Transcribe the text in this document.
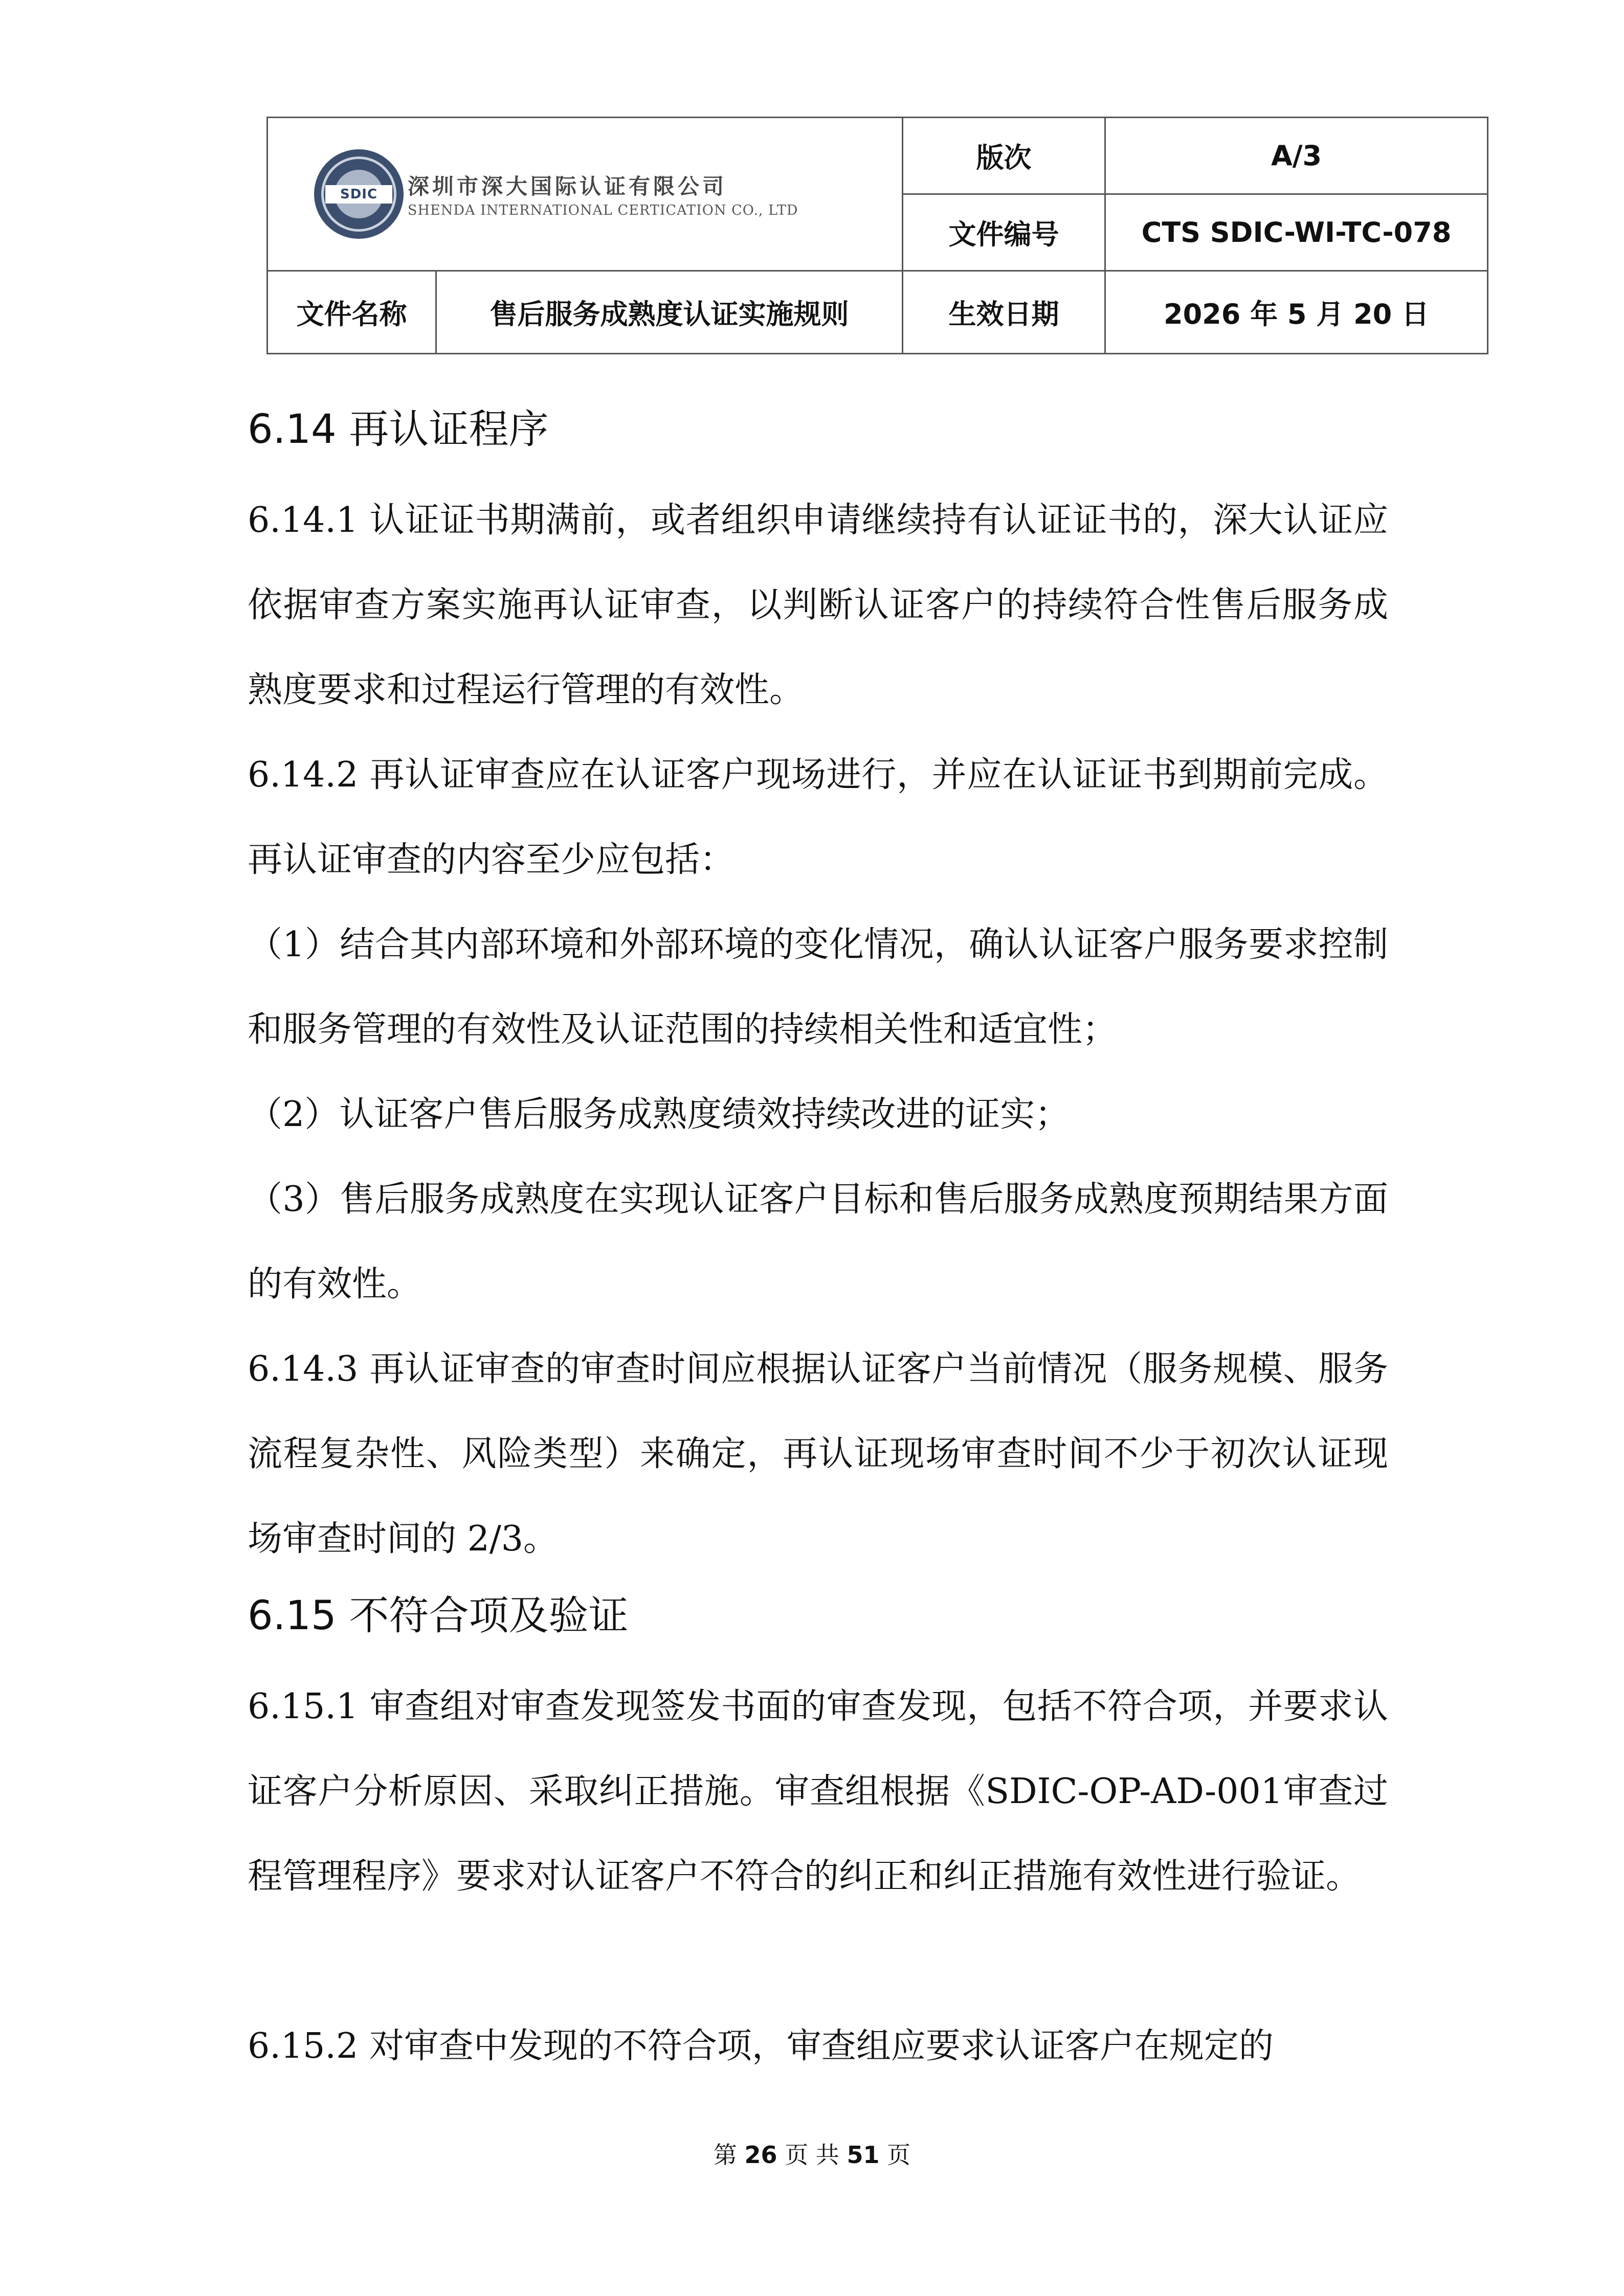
SDIC 深圳市深大国际认证有限公司
SHENDA INTERNATIONAL CERTICATION CO., LTD		版次	A/3
		文件编号	CTS SDIC-WI-TC-078
文件名称	售后服务成熟度认证实施规则	生效日期	2026 年 5 月 20 日
6.14 再认证程序

6.14.1 认证证书期满前，或者组织申请继续持有认证证书的，深大认证应依据审查方案实施再认证审查，以判断认证客户的持续符合性售后服务成熟度要求和过程运行管理的有效性。

6.14.2 再认证审查应在认证客户现场进行，并应在认证证书到期前完成。再认证审查的内容至少应包括：

（1）结合其内部环境和外部环境的变化情况，确认认证客户服务要求控制和服务管理的有效性及认证范围的持续相关性和适宜性；

（2）认证客户售后服务成熟度绩效持续改进的证实；

（3）售后服务成熟度在实现认证客户目标和售后服务成熟度预期结果方面的有效性。

6.14.3 再认证审查的审查时间应根据认证客户当前情况（服务规模、服务流程复杂性、风险类型）来确定，再认证现场审查时间不少于初次认证现场审查时间的 2/3。

6.15 不符合项及验证

6.15.1 审查组对审查发现签发书面的审查发现，包括不符合项，并要求认证客户分析原因、采取纠正措施。审查组根据《SDIC-OP-AD-001审查过程管理程序》要求对认证客户不符合的纠正和纠正措施有效性进行验证。

6.15.2 对审查中发现的不符合项，审查组应要求认证客户在规定的

第 26 页 共 51 页
